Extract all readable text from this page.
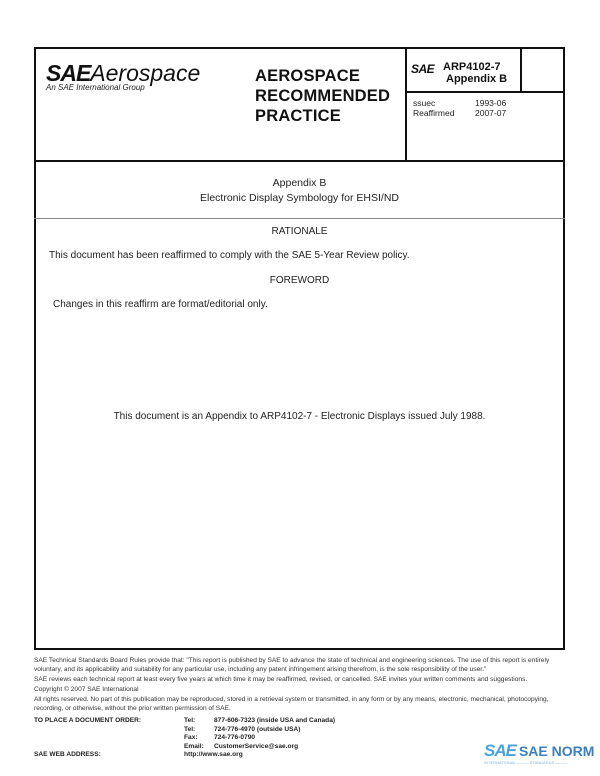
SAEAerospace
An SAE International Group
AEROSPACE
RECOMMENDED
PRACTICE
SAE ARP4102-7
Appendix B
ssuec	1993-06
Reaffirmed	2007-07
Appendix B
Electronic Display Symbology for EHSI/ND
RATIONALE
This document has been reaffirmed to comply with the SAE 5-Year Review policy.
FOREWORD
Changes in this reaffirm are format/editorial only.
This document is an Appendix to ARP4102-7 - Electronic Displays issued July 1988.
SAE Technical Standards Board Rules provide that: "This report is published by SAE to advance the state of technical and engineering sciences. The use of this report is entirely voluntary, and its applicability and suitability for any particular use, including any patent infringement arising therefrom, is the sole responsibility of the user."
SAE reviews each technical report at least every five years at which time it may be reaffirmed, revised, or cancelled. SAE invites your written comments and suggestions.
Copyright © 2007 SAE International
All rights reserved. No part of this publication may be reproduced, stored in a retrieval system or transmitted, in any form or by any means, electronic, mechanical, photocopying, recording, or otherwise, without the prior written permission of SAE.
TO PLACE A DOCUMENT ORDER:	Tel:	877-606-7323 (inside USA and Canada)
Tel:	724-776-4970 (outside USA)
Fax:	724-776-0790
Email:	CustomerService@sae.org
SAE WEB ADDRESS:	http://www.sae.org	SAE SAE NORM
INTERNATIONAL ——— STANDARDS ———
